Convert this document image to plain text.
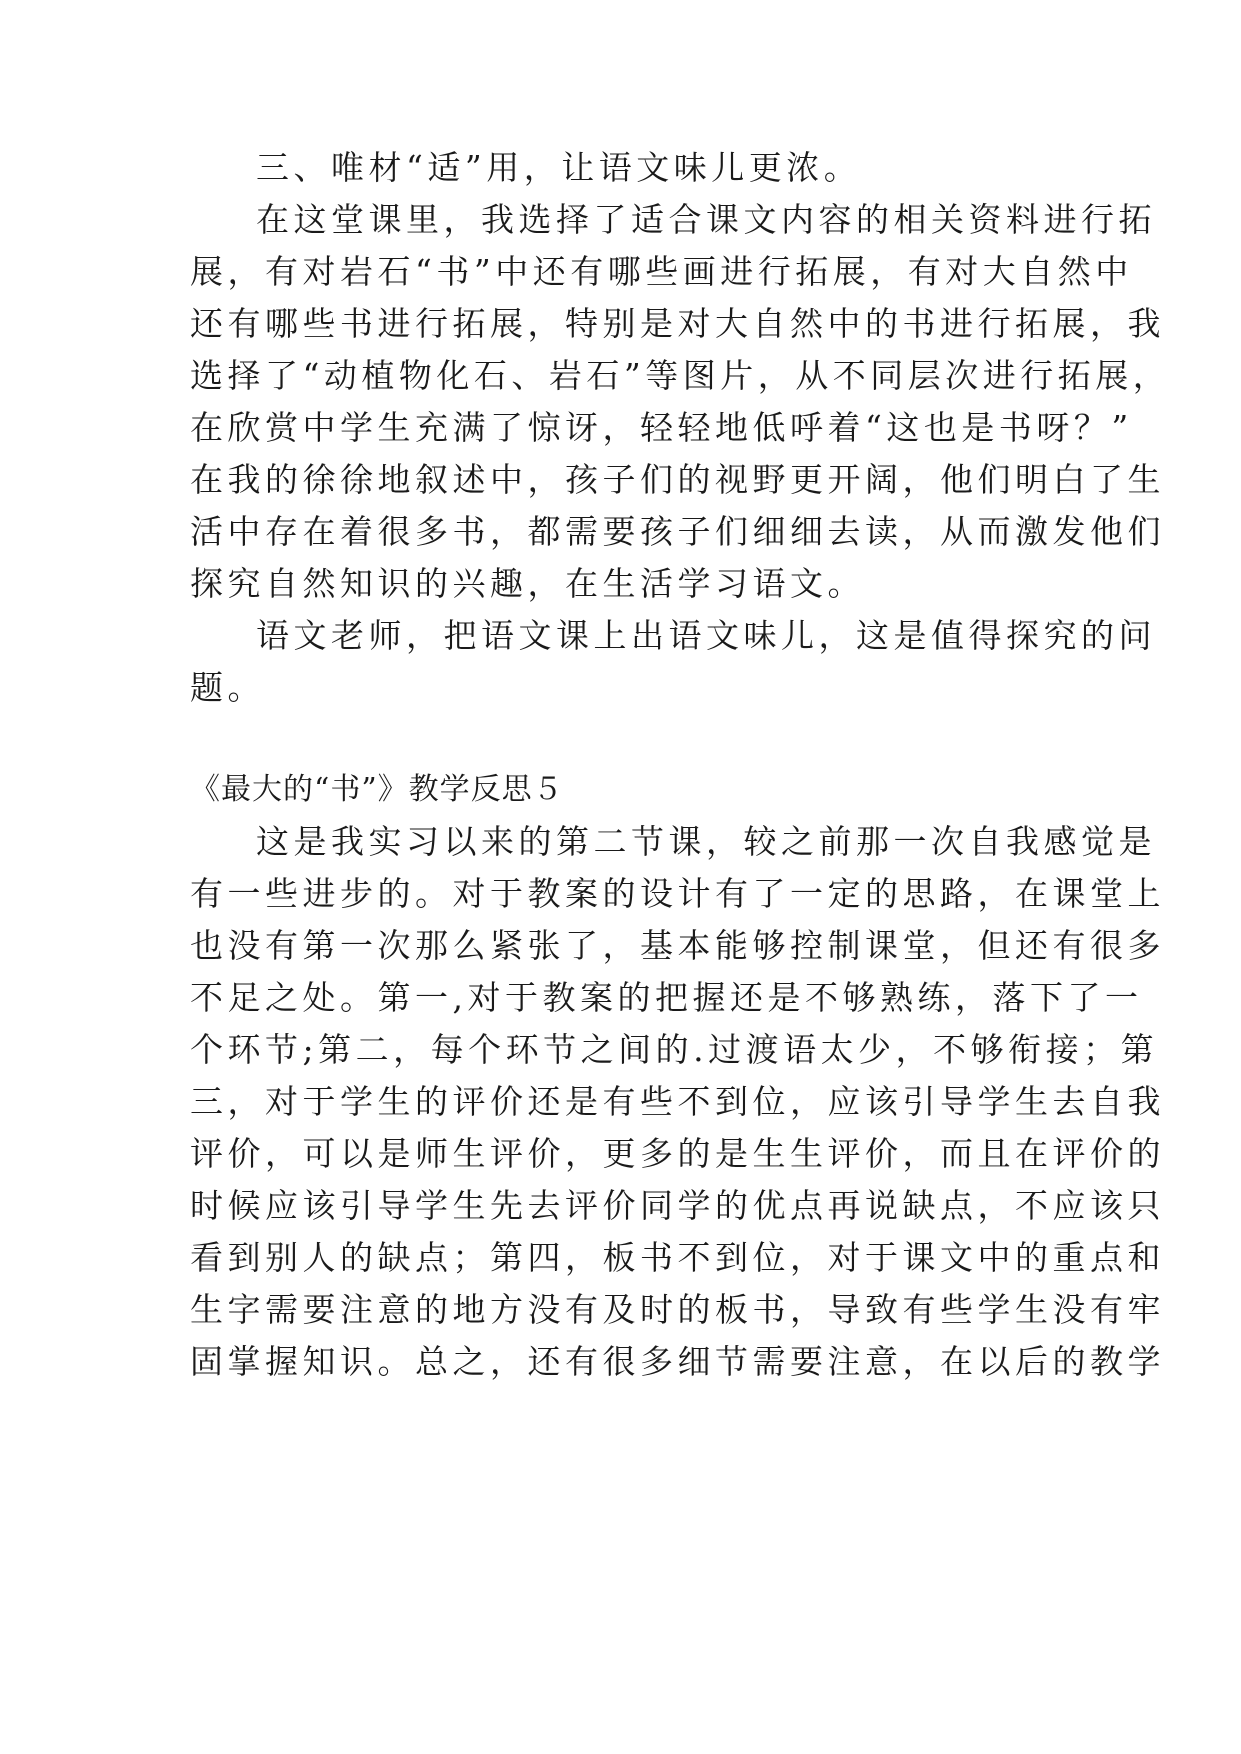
三、唯材“适”用，让语文味儿更浓。
在这堂课里，我选择了适合课文内容的相关资料进行拓
展，有对岩石“书”中还有哪些画进行拓展，有对大自然中
还有哪些书进行拓展，特别是对大自然中的书进行拓展，我
选择了“动植物化石、岩石”等图片，从不同层次进行拓展，
在欣赏中学生充满了惊讶，轻轻地低呼着“这也是书呀？”
在我的徐徐地叙述中，孩子们的视野更开阔，他们明白了生
活中存在着很多书，都需要孩子们细细去读，从而激发他们
探究自然知识的兴趣，在生活学习语文。
语文老师，把语文课上出语文味儿，这是值得探究的问
题。
《最大的“书”》教学反思５
这是我实习以来的第二节课，较之前那一次自我感觉是
有一些进步的。对于教案的设计有了一定的思路，在课堂上
也没有第一次那么紧张了，基本能够控制课堂，但还有很多
不足之处。第一,对于教案的把握还是不够熟练，落下了一
个环节;第二，每个环节之间的.过渡语太少，不够衔接；第
三，对于学生的评价还是有些不到位，应该引导学生去自我
评价，可以是师生评价，更多的是生生评价，而且在评价的
时候应该引导学生先去评价同学的优点再说缺点，不应该只
看到别人的缺点；第四，板书不到位，对于课文中的重点和
生字需要注意的地方没有及时的板书，导致有些学生没有牢
固掌握知识。总之，还有很多细节需要注意，在以后的教学
